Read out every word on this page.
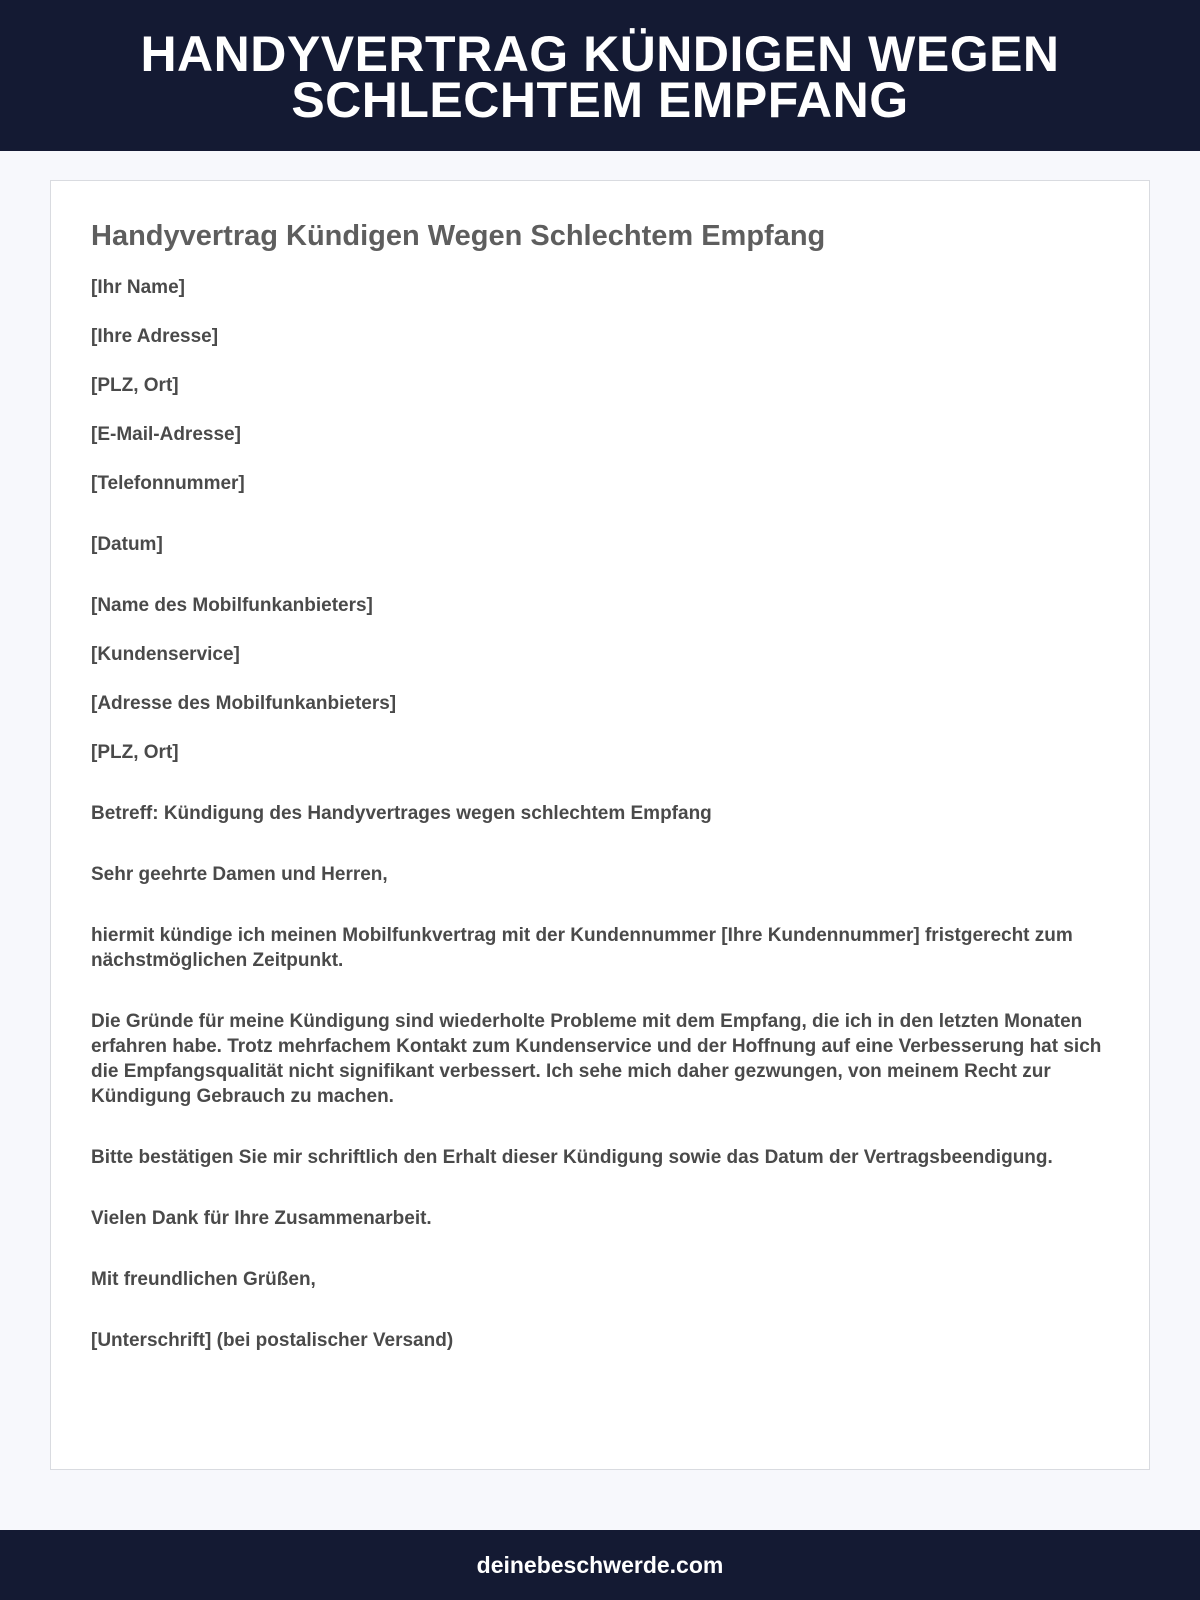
HANDYVERTRAG KÜNDIGEN WEGEN SCHLECHTEM EMPFANG
Handyvertrag Kündigen Wegen Schlechtem Empfang

[Ihr Name]

[Ihre Adresse]

[PLZ, Ort]

[E-Mail-Adresse]

[Telefonnummer]

[Datum]

[Name des Mobilfunkanbieters]

[Kundenservice]

[Adresse des Mobilfunkanbieters]

[PLZ, Ort]

Betreff: Kündigung des Handyvertrages wegen schlechtem Empfang

Sehr geehrte Damen und Herren,

hiermit kündige ich meinen Mobilfunkvertrag mit der Kundennummer [Ihre Kundennummer] fristgerecht zum nächstmöglichen Zeitpunkt.

Die Gründe für meine Kündigung sind wiederholte Probleme mit dem Empfang, die ich in den letzten Monaten erfahren habe. Trotz mehrfachem Kontakt zum Kundenservice und der Hoffnung auf eine Verbesserung hat sich die Empfangsqualität nicht signifikant verbessert. Ich sehe mich daher gezwungen, von meinem Recht zur Kündigung Gebrauch zu machen.

Bitte bestätigen Sie mir schriftlich den Erhalt dieser Kündigung sowie das Datum der Vertragsbeendigung.

Vielen Dank für Ihre Zusammenarbeit.

Mit freundlichen Grüßen,

[Unterschrift] (bei postalischer Versand)

deinebeschwerde.com
